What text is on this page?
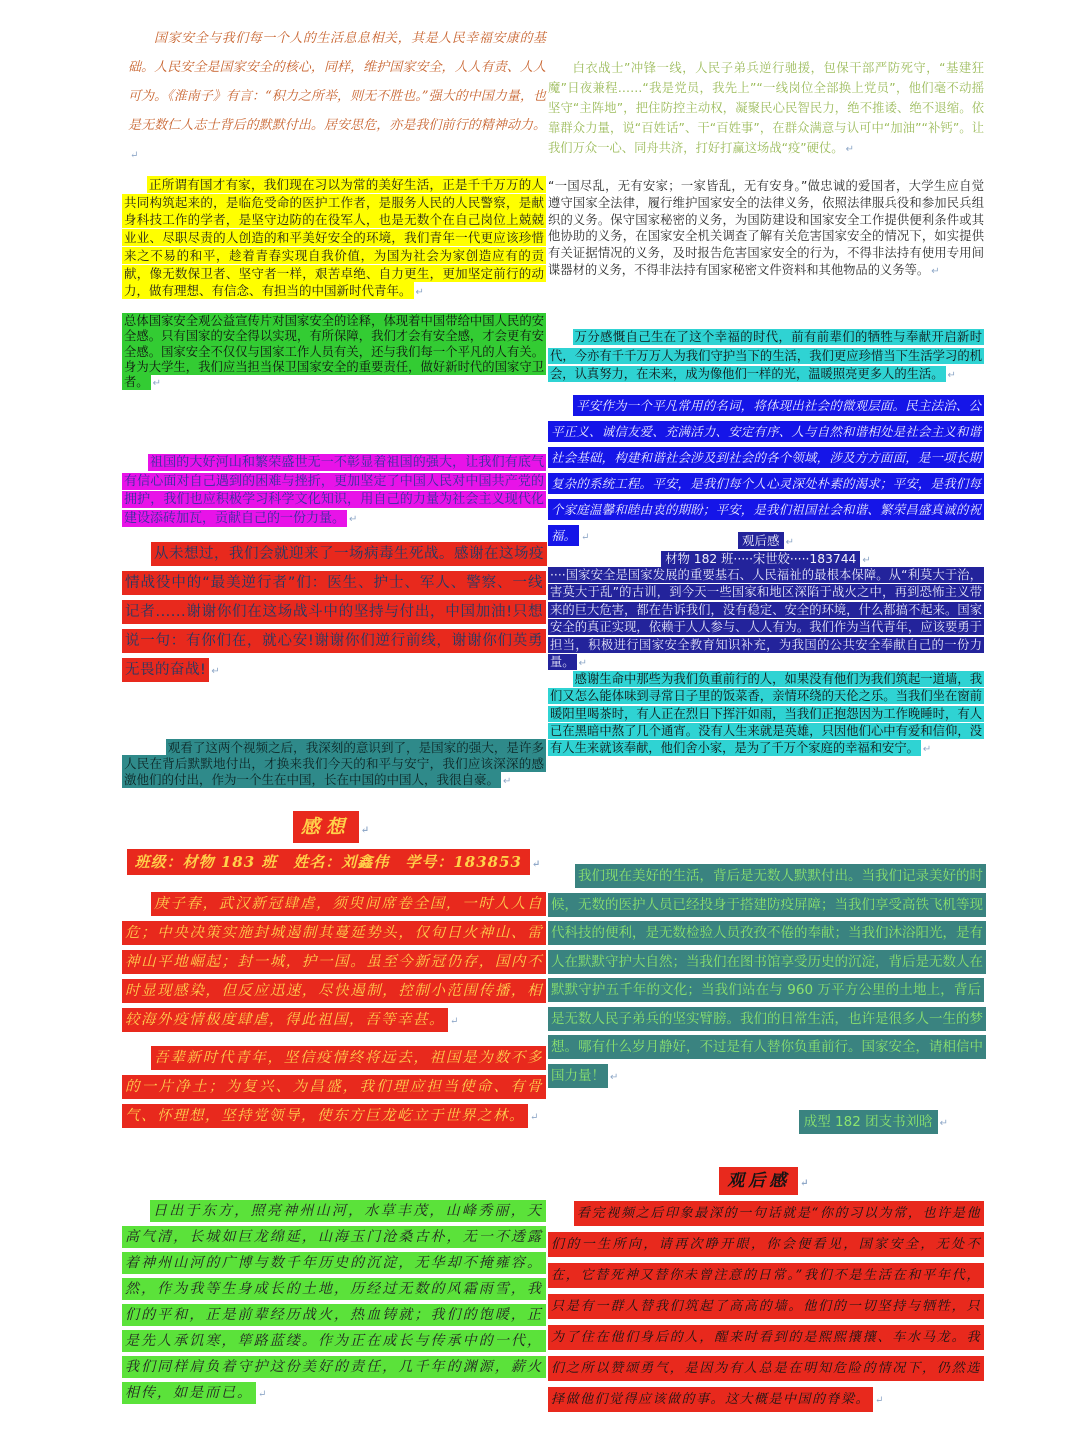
国家安全与我们每一个人的生活息息相关，其是人民幸福安康的基础。人民安全是国家安全的核心，同样，维护国家安全，人人有责、人人可为。《淮南子》有言：“积力之所举，则无不胜也。”强大的中国力量，也是无数仁人志士背后的默默付出。居安思危，亦是我们前行的精神动力。↵
正所谓有国才有家，我们现在习以为常的美好生活，正是千千万万的人共同构筑起来的，是临危受命的医护工作者，是服务人民的人民警察，是献身科技工作的学者，是坚守边防的在役军人，也是无数个在自己岗位上兢兢业业、尽职尽责的人创造的和平美好安全的环境，我们青年一代更应该珍惜来之不易的和平，趁着青春实现自我价值，为国为社会为家创造应有的贡献，像无数保卫者、坚守者一样，艰苦卓绝、自力更生，更加坚定前行的动力，做有理想、有信念、有担当的中国新时代青年。 ↵
总体国家安全观公益宣传片对国家安全的诠释，体现着中国带给中国人民的安全感。只有国家的安全得以实现，有所保障，我们才会有安全感，才会更有安全感。国家安全不仅仅与国家工作人员有关，还与我们每一个平凡的人有关。身为大学生，我们应当担当保卫国家安全的重要责任，做好新时代的国家守卫者。 ↵
祖国的大好河山和繁荣盛世无一不彰显着祖国的强大，让我们有底气有信心面对自己遇到的困难与挫折，更加坚定了中国人民对中国共产党的拥护，我们也应积极学习科学文化知识，用自己的力量为社会主义现代化建设添砖加瓦，贡献自己的一份力量。 ↵
从未想过，我们会就迎来了一场病毒生死战。感谢在这场疫情战役中的“最美逆行者”们：医生、护士、军人、警察、一线记者......谢谢你们在这场战斗中的坚持与付出，中国加油!只想说一句：有你们在，就心安!谢谢你们逆行前线，谢谢你们英勇无畏的奋战! ↵
观看了这两个视频之后，我深刻的意识到了，是国家的强大，是许多人民在背后默默地付出，才换来我们今天的和平与安宁，我们应该深深的感激他们的付出，作为一个生在中国，长在中国的中国人，我很自豪。 ↵
感想 ↵
班级：材物 183 班　姓名：刘鑫伟　学号：183853 ↵
庚子春，武汉新冠肆虐，须臾间席卷全国，一时人人自危；中央决策实施封城遏制其蔓延势头，仅旬日火神山、雷神山平地崛起；封一城，护一国。虽至今新冠仍存，国内不时显现感染，但反应迅速，尽快遏制，控制小范围传播，相较海外疫情极度肆虐，得此祖国，吾等幸甚。 ↵
吾辈新时代青年，坚信疫情终将远去，祖国是为数不多的一片净土；为复兴、为昌盛，我们理应担当使命、有骨气、怀理想，坚持党领导，使东方巨龙屹立于世界之林。 ↵
日出于东方，照亮神州山河，水草丰茂，山峰秀丽，天高气清，长城如巨龙绵延，山海玉门沧桑古朴，无一不透露着神州山河的广博与数千年历史的沉淀，无华却不掩雍容。然，作为我等生身成长的土地，历经过无数的风霜雨雪，我们的平和，正是前辈经历战火，热血铸就；我们的饱暖，正是先人承饥寒，筚路蓝缕。作为正在成长与传承中的一代，我们同样肩负着守护这份美好的责任，几千年的渊源，薪火相传，如是而已。 ↵
白衣战士”冲锋一线，人民子弟兵逆行驰援，包保干部严防死守，“基建狂魔”日夜兼程……“我是党员，我先上”“一线岗位全部换上党员”，他们毫不动摇坚守“主阵地”，把住防控主动权，凝聚民心民智民力，绝不推诿、绝不退缩。依靠群众力量，说“百姓话”、干“百姓事”，在群众满意与认可中“加油”“补钙”。让我们万众一心、同舟共济，打好打赢这场战“疫”硬仗。 ↵
“一国尽乱，无有安家；一家皆乱，无有安身。”做忠诚的爱国者，大学生应自觉遵守国家全法律，履行维护国家安全的法律义务，依照法律服兵役和参加民兵组织的义务。保守国家秘密的义务，为国防建设和国家安全工作提供便利条件或其他协助的义务，在国家安全机关调查了解有关危害国家安全的情况下，如实提供有关证据情况的义务，及时报告危害国家安全的行为，不得非法持有使用专用间谍器材的义务，不得非法持有国家秘密文件资料和其他物品的义务等。 ↵
万分感慨自己生在了这个幸福的时代，前有前辈们的牺牲与奉献开启新时代，今亦有千千万万人为我们守护当下的生活，我们更应珍惜当下生活学习的机会，认真努力，在未来，成为像他们一样的光，温暖照亮更多人的生活。 ↵
平安作为一个平凡常用的名词，将体现出社会的微观层面。民主法治、公平正义、诚信友爱、充满活力、安定有序、人与自然和谐相处是社会主义和谐社会基础，构建和谐社会涉及到社会的各个领域，涉及方方面面，是一项长期复杂的系统工程。平安，是我们每个人心灵深处朴素的渴求；平安，是我们每个家庭温馨和睦由衷的期盼；平安，是我们祖国社会和谐、繁荣昌盛真诚的祝福。 ↵	观后感 ↵
材物 182 班·····宋世姣·····183744 ↵
····国家安全是国家发展的重要基石、人民福祉的最根本保障。从“利莫大于治，害莫大于乱”的古训，到今天一些国家和地区深陷于战火之中，再到恐怖主义带来的巨大危害，都在告诉我们，没有稳定、安全的环境，什么都搞不起来。国家安全的真正实现，依赖于人人参与、人人有为。我们作为当代青年，应该要勇于担当，积极进行国家安全教育知识补充，为我国的公共安全奉献自己的一份力量。 ↵
感谢生命中那些为我们负重前行的人，如果没有他们为我们筑起一道墙，我们又怎么能体味到寻常日子里的饭菜香，亲情环绕的天伦之乐。当我们坐在窗前暖阳里喝茶时，有人正在烈日下挥汗如雨，当我们正抱怨因为工作晚睡时，有人已在黑暗中熬了几个通宵。没有人生来就是英雄，只因他们心中有爱和信仰，没有人生来就该奉献，他们舍小家，是为了千万个家庭的幸福和安宁。 ↵
我们现在美好的生活，背后是无数人默默付出。当我们记录美好的时候，无数的医护人员已经投身于搭建防疫屏障；当我们享受高铁飞机等现代科技的便利，是无数检验人员孜孜不倦的奉献；当我们沐浴阳光，是有人在默默守护大自然；当我们在图书馆享受历史的沉淀，背后是无数人在默默守护五千年的文化；当我们站在与 960 万平方公里的土地上，背后是无数人民子弟兵的坚实臂膀。我们的日常生活，也许是很多人一生的梦想。哪有什么岁月静好，不过是有人替你负重前行。国家安全，请相信中国力量！ ↵
成型 182 团支书刘晗 ↵
观后感 ↵
看完视频之后印象最深的一句话就是“你的习以为常，也许是他们的一生所向，请再次睁开眼，你会便看见，国家安全，无处不在，它替死神又替你未曾注意的日常。”我们不是生活在和平年代，只是有一群人替我们筑起了高高的墙。他们的一切坚持与牺牲，只为了住在他们身后的人，醒来时看到的是熙熙攘攘、车水马龙。我们之所以赞颂勇气，是因为有人总是在明知危险的情况下，仍然选择做他们觉得应该做的事。这大概是中国的脊梁。 ↵
